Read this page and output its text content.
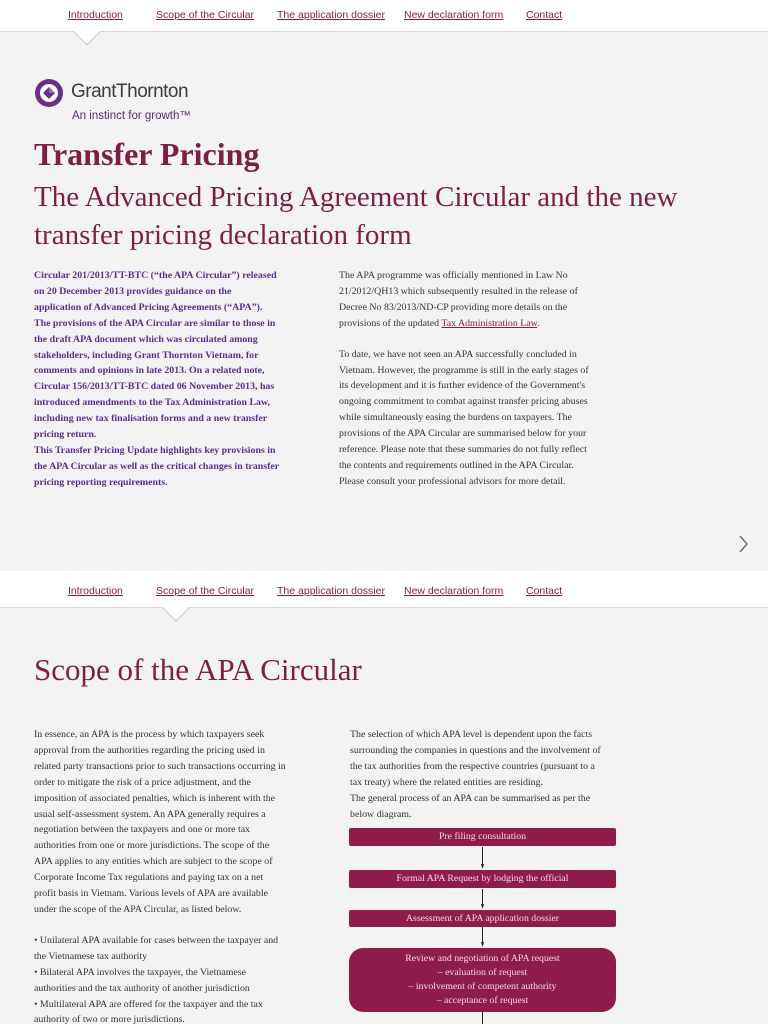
Introduction	Scope of the Circular The application dossier New declaration form Contact
GrantThornton
An instinct for growth™
Transfer Pricing
The Advanced Pricing Agreement Circular and the new transfer pricing declaration form
Circular 201/2013/TT-BTC (“the APA Circular”) released
on 20 December 2013 provides guidance on the
application of Advanced Pricing Agreements (“APA”).
The provisions of the APA Circular are similar to those in
the draft APA document which was circulated among
stakeholders, including Grant Thornton Vietnam, for
comments and opinions in late 2013. On a related note,
Circular 156/2013/TT-BTC dated 06 November 2013, has
introduced amendments to the Tax Administration Law,
including new tax finalisation forms and a new transfer
pricing return.
This Transfer Pricing Update highlights key provisions in
the APA Circular as well as the critical changes in transfer
pricing reporting requirements.

The APA programme was officially mentioned in Law No
21/2012/QH13 which subsequently resulted in the release of
Decree No 83/2013/ND-CP providing more details on the
provisions of the updated Tax Administration Law.

To date, we have not seen an APA successfully concluded in
Vietnam. However, the programme is still in the early stages of
its development and it is further evidence of the Government's
ongoing commitment to combat against transfer pricing abuses
while simultaneously easing the burdens on taxpayers. The
provisions of the APA Circular are summarised below for your
reference. Please note that these summaries do not fully reflect
the contents and requirements outlined in the APA Circular.
Please consult your professional advisors for more detail.

Introduction	Scope of the Circular The application dossier New declaration form Contact
Scope of the APA Circular

In essence, an APA is the process by which taxpayers seek
approval from the authorities regarding the pricing used in
related party transactions prior to such transactions occurring in
order to mitigate the risk of a price adjustment, and the
imposition of associated penalties, which is inherent with the
usual self-assessment system. An APA generally requires a
negotiation between the taxpayers and one or more tax
authorities from one or more jurisdictions. The scope of the
APA applies to any entities which are subject to the scope of
Corporate Income Tax regulations and paying tax on a net
profit basis in Vietnam. Various levels of APA are available
under the scope of the APA Circular, as listed below.

• Unilateral APA available for cases between the taxpayer and
the Vietnamese tax authority
• Bilateral APA involves the taxpayer, the Vietnamese
authorities and the tax authority of another jurisdiction
• Multilateral APA are offered for the taxpayer and the tax
authority of two or more jurisdictions.

The selection of which APA level is dependent upon the facts
surrounding the companies in questions and the involvement of
the tax authorities from the respective countries (pursuant to a
tax treaty) where the related entities are residing.
The general process of an APA can be summarised as per the
below diagram.
Pre filing consultation
Formal APA Request by lodging the official
Assessment of APA application dossier
Review and negotiation of APA request
– evaluation of request
– involvement of competent authority
– acceptance of request
